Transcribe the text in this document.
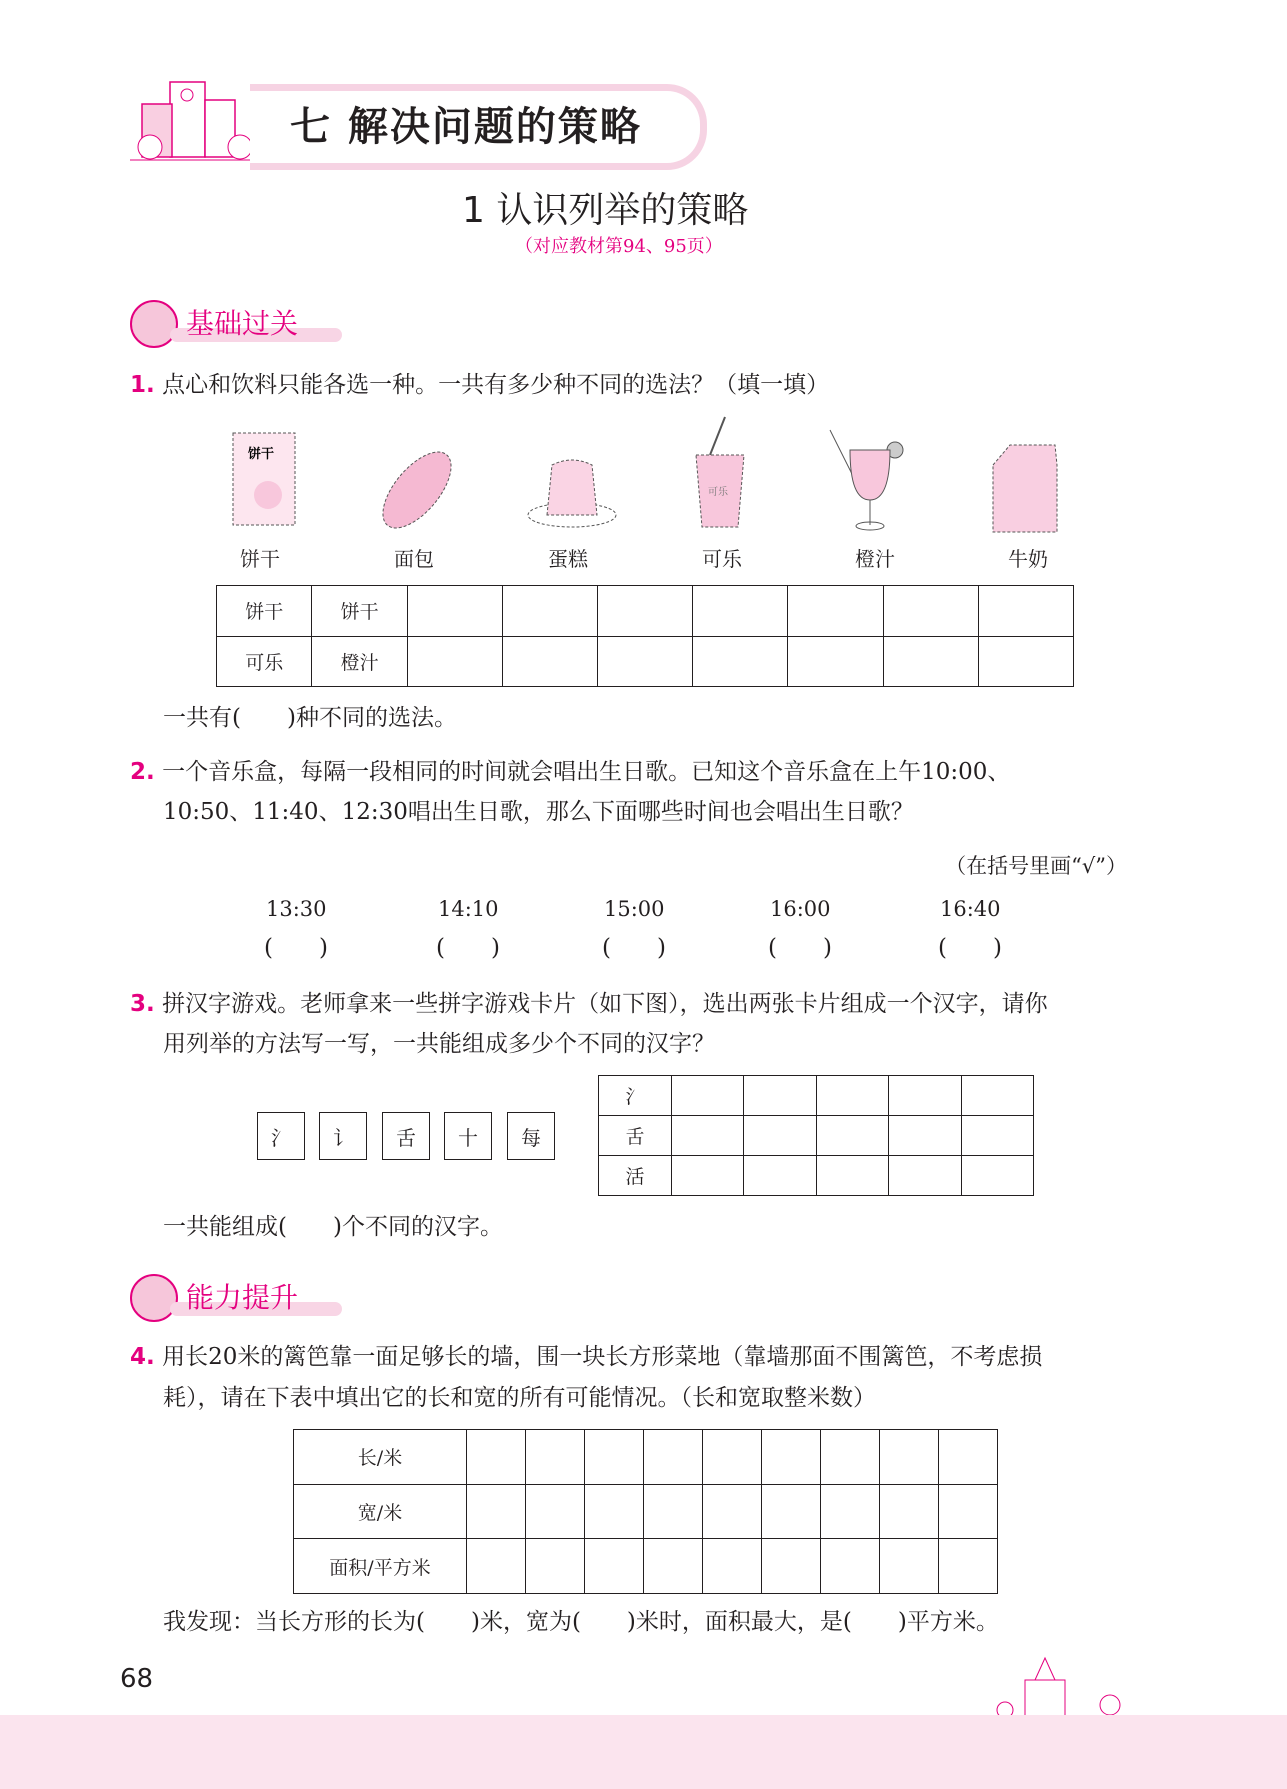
七 解决问题的策略
1 认识列举的策略
（对应教材第94、95页）
基础过关
1. 点心和饮料只能各选一种。一共有多少种不同的选法？（填一填）
饼干
可乐
饼干	面包	蛋糕	可乐	橙汁	牛奶
饼干	饼干							
可乐	橙汁							
一共有(　　)种不同的选法。
2. 一个音乐盒，每隔一段相同的时间就会唱出生日歌。已知这个音乐盒在上午10:00、
10:50、11:40、12:30唱出生日歌，那么下面哪些时间也会唱出生日歌？
（在括号里画“√”）
13:30
(　　)
14:10
(　　)
15:00
(　　)
16:00
(　　)
16:40
(　　)
3. 拼汉字游戏。老师拿来一些拼字游戏卡片（如下图），选出两张卡片组成一个汉字，请你
用列举的方法写一写，一共能组成多少个不同的汉字？
氵	讠	舌	十	每
氵					
舌					
活					
一共能组成(　　)个不同的汉字。
能力提升
4. 用长20米的篱笆靠一面足够长的墙，围一块长方形菜地（靠墙那面不围篱笆，不考虑损
耗），请在下表中填出它的长和宽的所有可能情况。（长和宽取整米数）
长/米									
宽/米									
面积/平方米									
我发现：当长方形的长为(　　)米，宽为(　　)米时，面积最大，是(　　)平方米。
68
